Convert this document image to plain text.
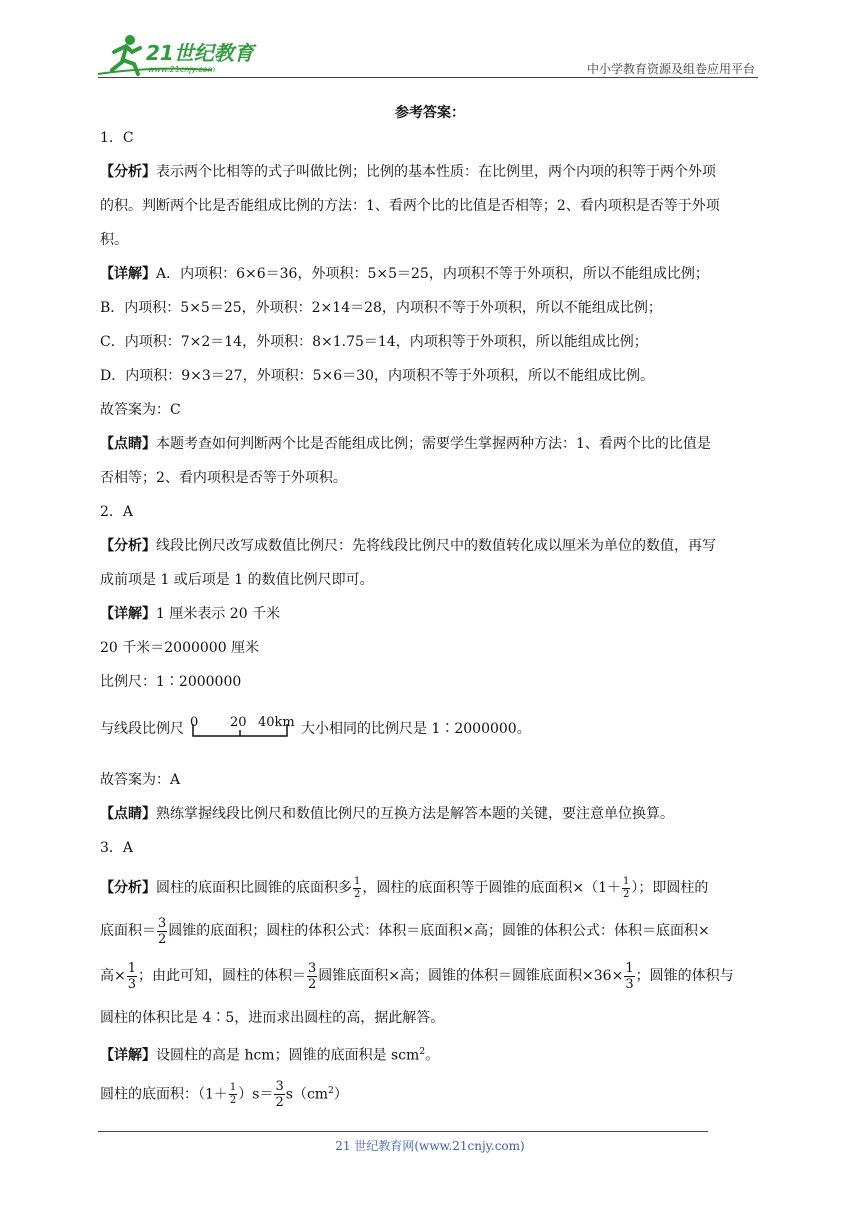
21世纪教育
www.21cnjy.com	中小学教育资源及组卷应用平台
参考答案：
1．C
【分析】表示两个比相等的式子叫做比例；比例的基本性质：在比例里，两个内项的积等于两个外项
的积。判断两个比是否能组成比例的方法：1、看两个比的比值是否相等；2、看内项积是否等于外项
积。
【详解】A．内项积：6×6＝36，外项积：5×5＝25，内项积不等于外项积，所以不能组成比例；
B．内项积：5×5＝25，外项积：2×14＝28，内项积不等于外项积，所以不能组成比例；
C．内项积：7×2＝14，外项积：8×1.75＝14，内项积等于外项积，所以能组成比例；
D．内项积：9×3＝27，外项积：5×6＝30，内项积不等于外项积，所以不能组成比例。
故答案为：C
【点睛】本题考查如何判断两个比是否能组成比例；需要学生掌握两种方法：1、看两个比的比值是
否相等；2、看内项积是否等于外项积。
2．A
【分析】线段比例尺改写成数值比例尺：先将线段比例尺中的数值转化成以厘米为单位的数值，再写
成前项是 1 或后项是 1 的数值比例尺即可。
【详解】1 厘米表示 20 千米
20 千米＝2000000 厘米
比例尺：1∶2000000
与线段比例尺 0 20 40km 大小相同的比例尺是 1∶2000000。
故答案为：A
【点睛】熟练掌握线段比例尺和数值比例尺的互换方法是解答本题的关键，要注意单位换算。
3．A
【分析】圆柱的底面积比圆锥的底面积多 $\frac{1}{2}$ ，圆柱的底面积等于圆锥的底面积$\times(1+ \frac{1}{2}$ ）；即圆柱的
底面积＝ $\frac{3}{2}$ 圆锥的底面积；圆柱的体积公式：体积＝底面积×高；圆锥的体积公式：体积＝底面积×
高× $\frac{1}{3}$ ；由此可知，圆柱的体积＝ $\frac{3}{2}$ 圆锥底面积×高；圆锥的体积＝圆锥底面积$\times 36\times \frac{1}{3}$ ；圆锥的体积与
圆柱的体积比是 4∶5，进而求出圆柱的高，据此解答。
【详解】设圆柱的高是 hcm；圆锥的底面积是 scm$^2$。
圆柱的底面积：$(1+ \frac{1}{2} )s= \frac{3}{2} s(cm^2)$
21 世纪教育网(www.21cnjy.com)
